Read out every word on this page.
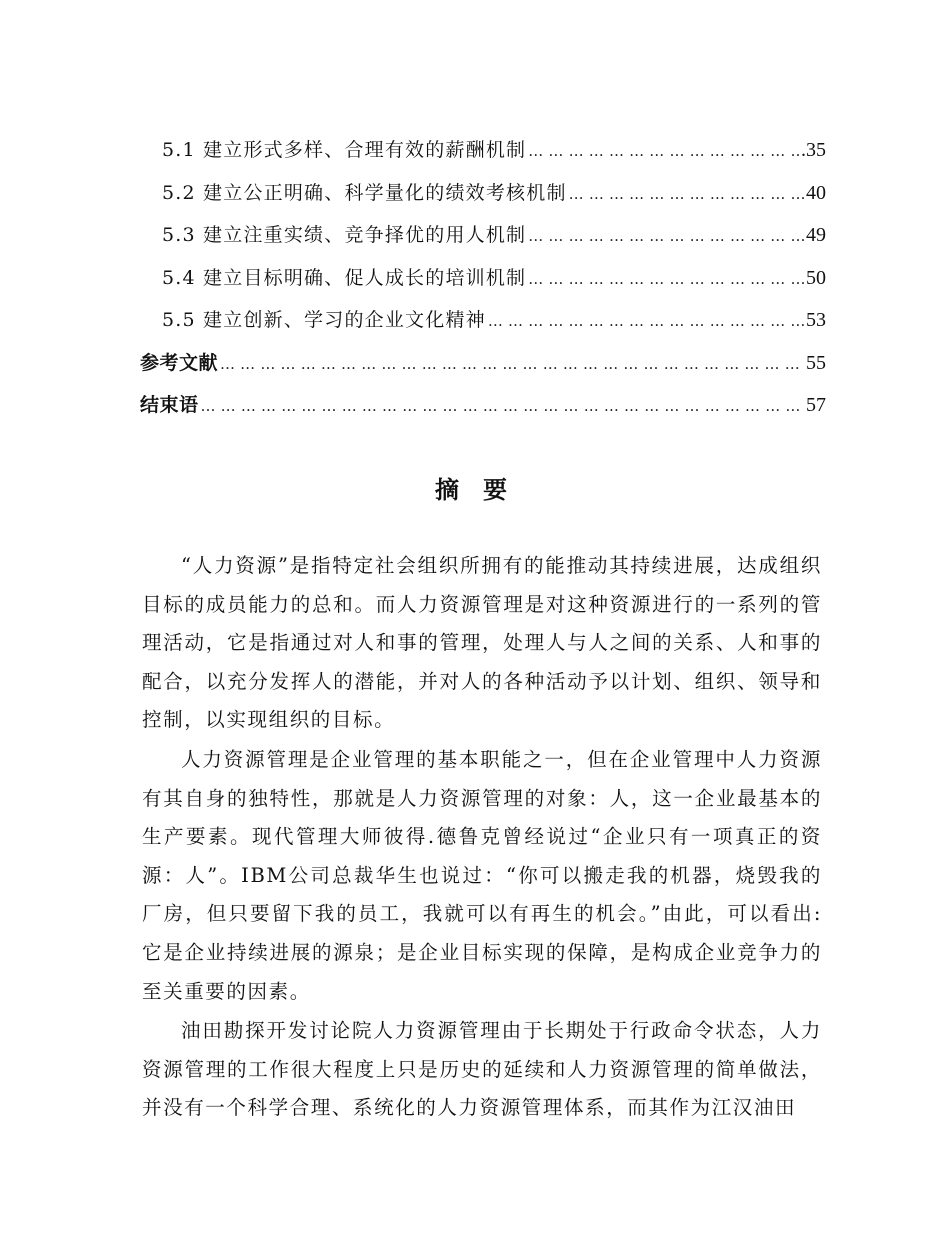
5.1 建立形式多样、合理有效的薪酬机制 … … … … … … … … … … … … … … … … … … … … … … … … … … … … … … … … … … … … … … … … … … … … … … … … … …	.35
5.2 建立公正明确、科学量化的绩效考核机制 … … … … … … … … … … … … … … … … … … … … … … … … … … … … … … … … … … … … … … … … … … … … … … … … … …	40
5.3 建立注重实绩、竞争择优的用人机制 … … … … … … … … … … … … … … … … … … … … … … … … … … … … … … … … … … … … … … … … … … … … … … … … … …	49
5.4 建立目标明确、促人成长的培训机制 … … … … … … … … … … … … … … … … … … … … … … … … … … … … … … … … … … … … … … … … … … … … … … … … … …	50
5.5 建立创新、学习的企业文化精神 … … … … … … … … … … … … … … … … … … … … … … … … … … … … … … … … … … … … … … … … … … … … … … … … … …	53
参考文献 … … … … … … … … … … … … … … … … … … … … … … … … … … … … … … … … … … … … … … … … … … … … … … … … … …	55
结束语 … … … … … … … … … … … … … … … … … … … … … … … … … … … … … … … … … … … … … … … … … … … … … … … … … …	57
摘要

“人力资源”是指特定社会组织所拥有的能推动其持续进展，达成组织目标的成员能力的总和。而人力资源管理是对这种资源进行的一系列的管理活动，它是指通过对人和事的管理，处理人与人之间的关系、人和事的配合，以充分发挥人的潜能，并对人的各种活动予以计划、组织、领导和控制，以实现组织的目标。

人力资源管理是企业管理的基本职能之一，但在企业管理中人力资源有其自身的独特性，那就是人力资源管理的对象：人，这一企业最基本的生产要素。现代管理大师彼得.德鲁克曾经说过“企业只有一项真正的资源：人”。IBM公司总裁华生也说过：“你可以搬走我的机器，烧毁我的厂房，但只要留下我的员工，我就可以有再生的机会。”由此，可以看出:它是企业持续进展的源泉；是企业目标实现的保障，是构成企业竞争力的至关重要的因素。

油田勘探开发讨论院人力资源管理由于长期处于行政命令状态，人力资源管理的工作很大程度上只是历史的延续和人力资源管理的简单做法，并没有一个科学合理、系统化的人力资源管理体系，而其作为江汉油田
